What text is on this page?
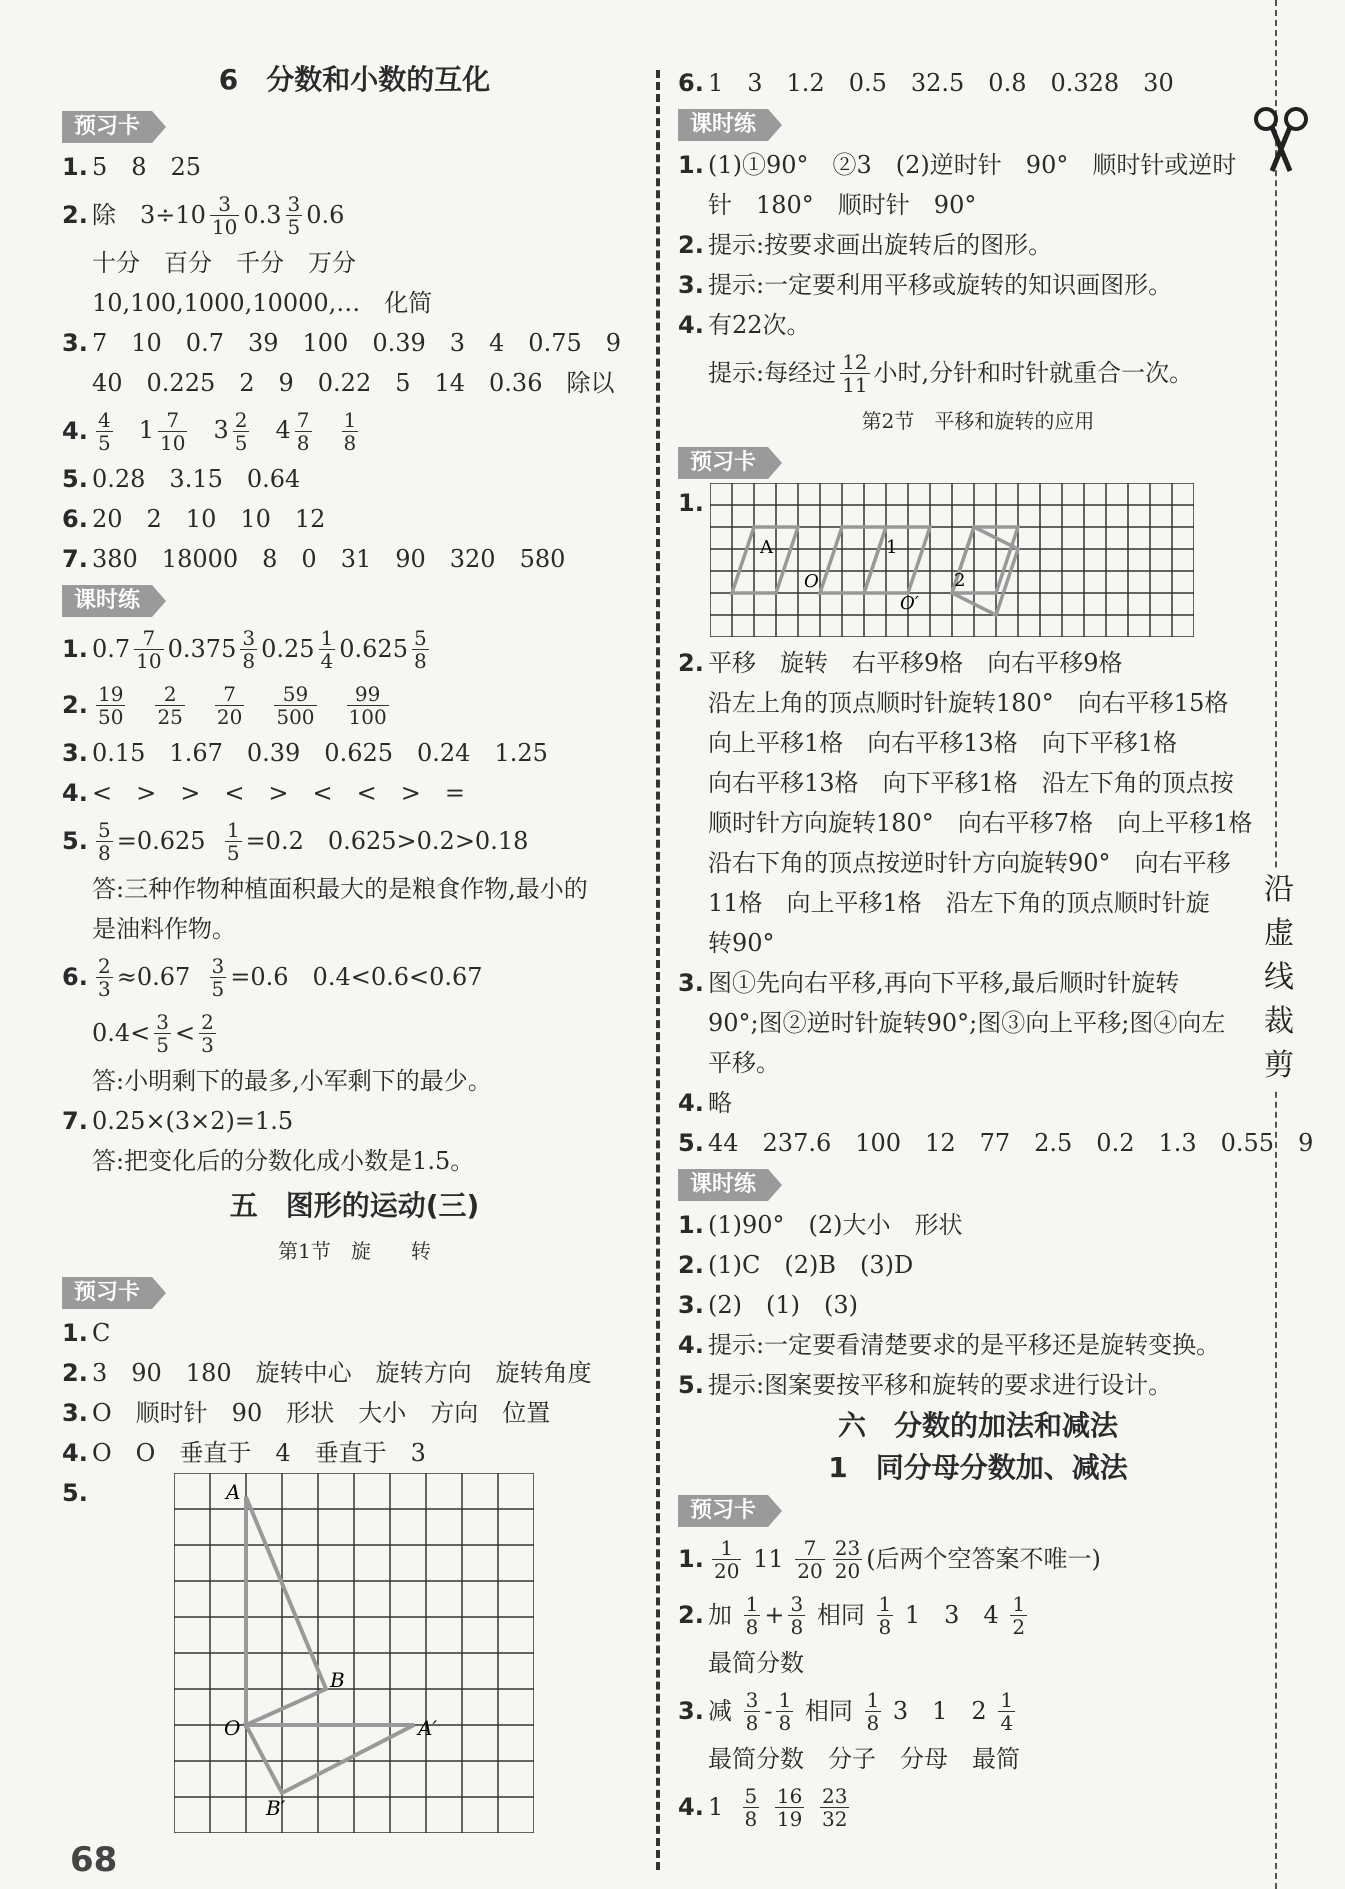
沿虚线裁剪
6　分数和小数的互化
预习卡
1. 5　8　25
2. 除　$3\div 10 \frac{3}{10} 0.3 \frac{3}{5} 0.6$
十分　百分　千分　万分
10,100,1000,10000,…　化简
3. 7　10　0.7　39　100　0.39　3　4　0.75　9
40　0.225　2　9　0.22　5　14　0.36　除以
4. $\frac{4}{5} 1 \frac{7}{10} 3 \frac{2}{5} 4 \frac{7}{8} \frac{1}{8}$
5. 0.28　3.15　0.64
6. 20　2　10　10　12
7. 380　18000　8　0　31　90　320　580
课时练
1. $0.7 \frac{7}{10} 0.375 \frac{3}{8} 0.25 \frac{1}{4} 0.625 \frac{5}{8}$
2. $\frac{19}{50} \frac{2}{25} \frac{7}{20} \frac{59}{500} \frac{99}{100}$
3. 0.15　1.67　0.39　0.625　0.24　1.25
4. <　>　>　<　>　<　<　>　=
5. $\frac{5}{8} =0.625$
$\frac{1}{5} =0.2$　0.625>0.2>0.18
答:三种作物种植面积最大的是粮食作物,最小的
是油料作物。
6. $\frac{2}{3} \approx 0.67$
$\frac{3}{5} =0.6$　0.4<0.6<0.67
$0.4< \frac{3}{5} < \frac{2}{3}$
答:小明剩下的最多,小军剩下的最少。
7. 0.25×(3×2)=1.5
答:把变化后的分数化成小数是1.5。
五　图形的运动(三)
第1节　旋　　转
预习卡
1. C
2. 3　90　180　旋转中心　旋转方向　旋转角度
3. O　顺时针　90　形状　大小　方向　位置
4. O　O　垂直于　4　垂直于　3
5.	A
B
O	A′
B′
6. 1　3　1.2　0.5　32.5　0.8　0.328　30
课时练
1. (1)①90°　②3　(2)逆时针　90°　顺时针或逆时
针　180°　顺时针　90°
2. 提示:按要求画出旋转后的图形。
3. 提示:一定要利用平移或旋转的知识画图形。
4. 有22次。
提示:每经过 $\frac{12}{11}$ 小时,分针和时针就重合一次。
第2节　平移和旋转的应用
预习卡
1.
A	1
2
O
O′
2. 平移　旋转　右平移9格　向右平移9格
沿左上角的顶点顺时针旋转180°　向右平移15格
向上平移1格　向右平移13格　向下平移1格
向右平移13格　向下平移1格　沿左下角的顶点按
顺时针方向旋转180°　向右平移7格　向上平移1格
沿右下角的顶点按逆时针方向旋转90°　向右平移
11格　向上平移1格　沿左下角的顶点顺时针旋
转90°
3. 图①先向右平移,再向下平移,最后顺时针旋转
90°;图②逆时针旋转90°;图③向上平移;图④向左
平移。
4. 略
5. 44　237.6　100　12　77　2.5　0.2　1.3　0.55　9
课时练
1. (1)90°　(2)大小　形状
2. (1)C　(2)B　(3)D
3. (2)　(1)　(3)
4. 提示:一定要看清楚要求的是平移还是旋转变换。
5. 提示:图案要按平移和旋转的要求进行设计。
六　分数的加法和减法
1　同分母分数加、减法
预习卡
1. $\frac{1}{20}$
11
$\frac{7}{20} \frac{23}{20}$ (后两个空答案不唯一)
2. 加
$\frac{1}{8} + \frac{3}{8}$
相同
$\frac{1}{8}$
1　3　4
$\frac{1}{2}$
最简分数
3. 减
$\frac{3}{8} - \frac{1}{8}$
相同
$\frac{1}{8}$
3　1　2
$\frac{1}{4}$
最简分数　分子　分母　最简
4. 1
$\frac{5}{8}$
$\frac{16}{19}$
$\frac{23}{32}$
68
